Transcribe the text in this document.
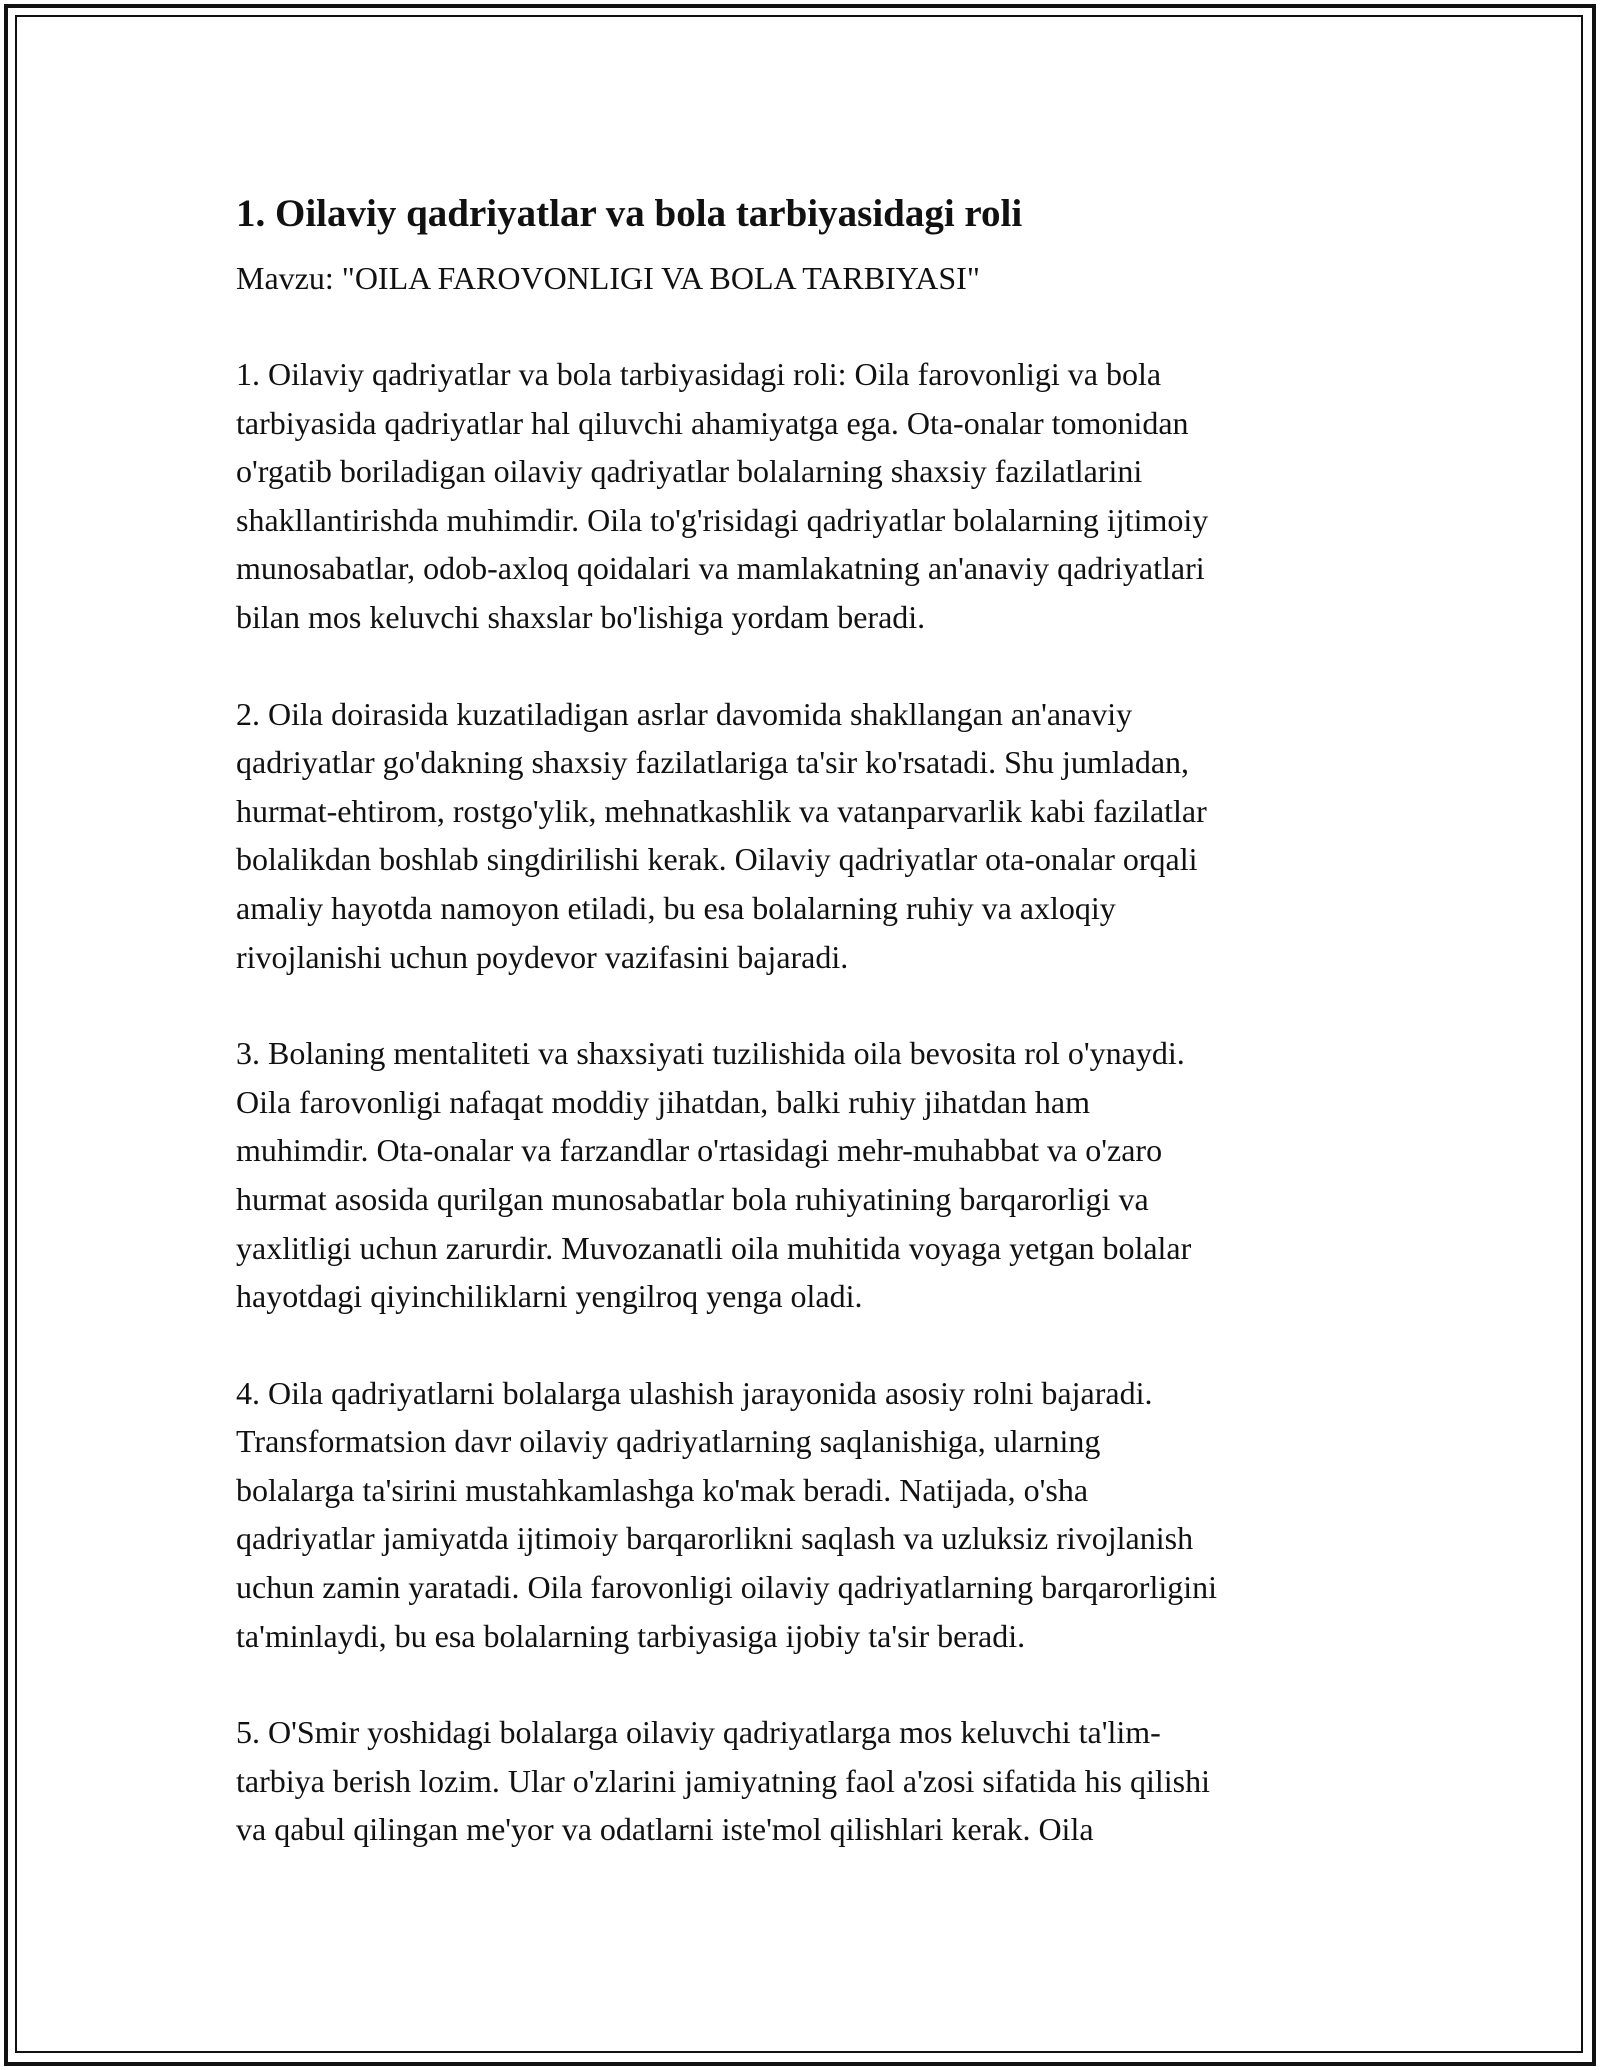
1. Oilaviy qadriyatlar va bola tarbiyasidagi roli

Mavzu: "OILA FAROVONLIGI VA BOLA TARBIYASI"

1. Oilaviy qadriyatlar va bola tarbiyasidagi roli: Oila farovonligi va bola
tarbiyasida qadriyatlar hal qiluvchi ahamiyatga ega. Ota-onalar tomonidan
o'rgatib boriladigan oilaviy qadriyatlar bolalarning shaxsiy fazilatlarini
shakllantirishda muhimdir. Oila to'g'risidagi qadriyatlar bolalarning ijtimoiy
munosabatlar, odob-axloq qoidalari va mamlakatning an'anaviy qadriyatlari
bilan mos keluvchi shaxslar bo'lishiga yordam beradi.

2. Oila doirasida kuzatiladigan asrlar davomida shakllangan an'anaviy
qadriyatlar go'dakning shaxsiy fazilatlariga ta'sir ko'rsatadi. Shu jumladan,
hurmat-ehtirom, rostgo'ylik, mehnatkashlik va vatanparvarlik kabi fazilatlar
bolalikdan boshlab singdirilishi kerak. Oilaviy qadriyatlar ota-onalar orqali
amaliy hayotda namoyon etiladi, bu esa bolalarning ruhiy va axloqiy
rivojlanishi uchun poydevor vazifasini bajaradi.

3. Bolaning mentaliteti va shaxsiyati tuzilishida oila bevosita rol o'ynaydi.
Oila farovonligi nafaqat moddiy jihatdan, balki ruhiy jihatdan ham
muhimdir. Ota-onalar va farzandlar o'rtasidagi mehr-muhabbat va o'zaro
hurmat asosida qurilgan munosabatlar bola ruhiyatining barqarorligi va
yaxlitligi uchun zarurdir. Muvozanatli oila muhitida voyaga yetgan bolalar
hayotdagi qiyinchiliklarni yengilroq yenga oladi.

4. Oila qadriyatlarni bolalarga ulashish jarayonida asosiy rolni bajaradi.
Transformatsion davr oilaviy qadriyatlarning saqlanishiga, ularning
bolalarga ta'sirini mustahkamlashga ko'mak beradi. Natijada, o'sha
qadriyatlar jamiyatda ijtimoiy barqarorlikni saqlash va uzluksiz rivojlanish
uchun zamin yaratadi. Oila farovonligi oilaviy qadriyatlarning barqarorligini
ta'minlaydi, bu esa bolalarning tarbiyasiga ijobiy ta'sir beradi.

5. O'Smir yoshidagi bolalarga oilaviy qadriyatlarga mos keluvchi ta'lim-
tarbiya berish lozim. Ular o'zlarini jamiyatning faol a'zosi sifatida his qilishi
va qabul qilingan me'yor va odatlarni iste'mol qilishlari kerak. Oila
